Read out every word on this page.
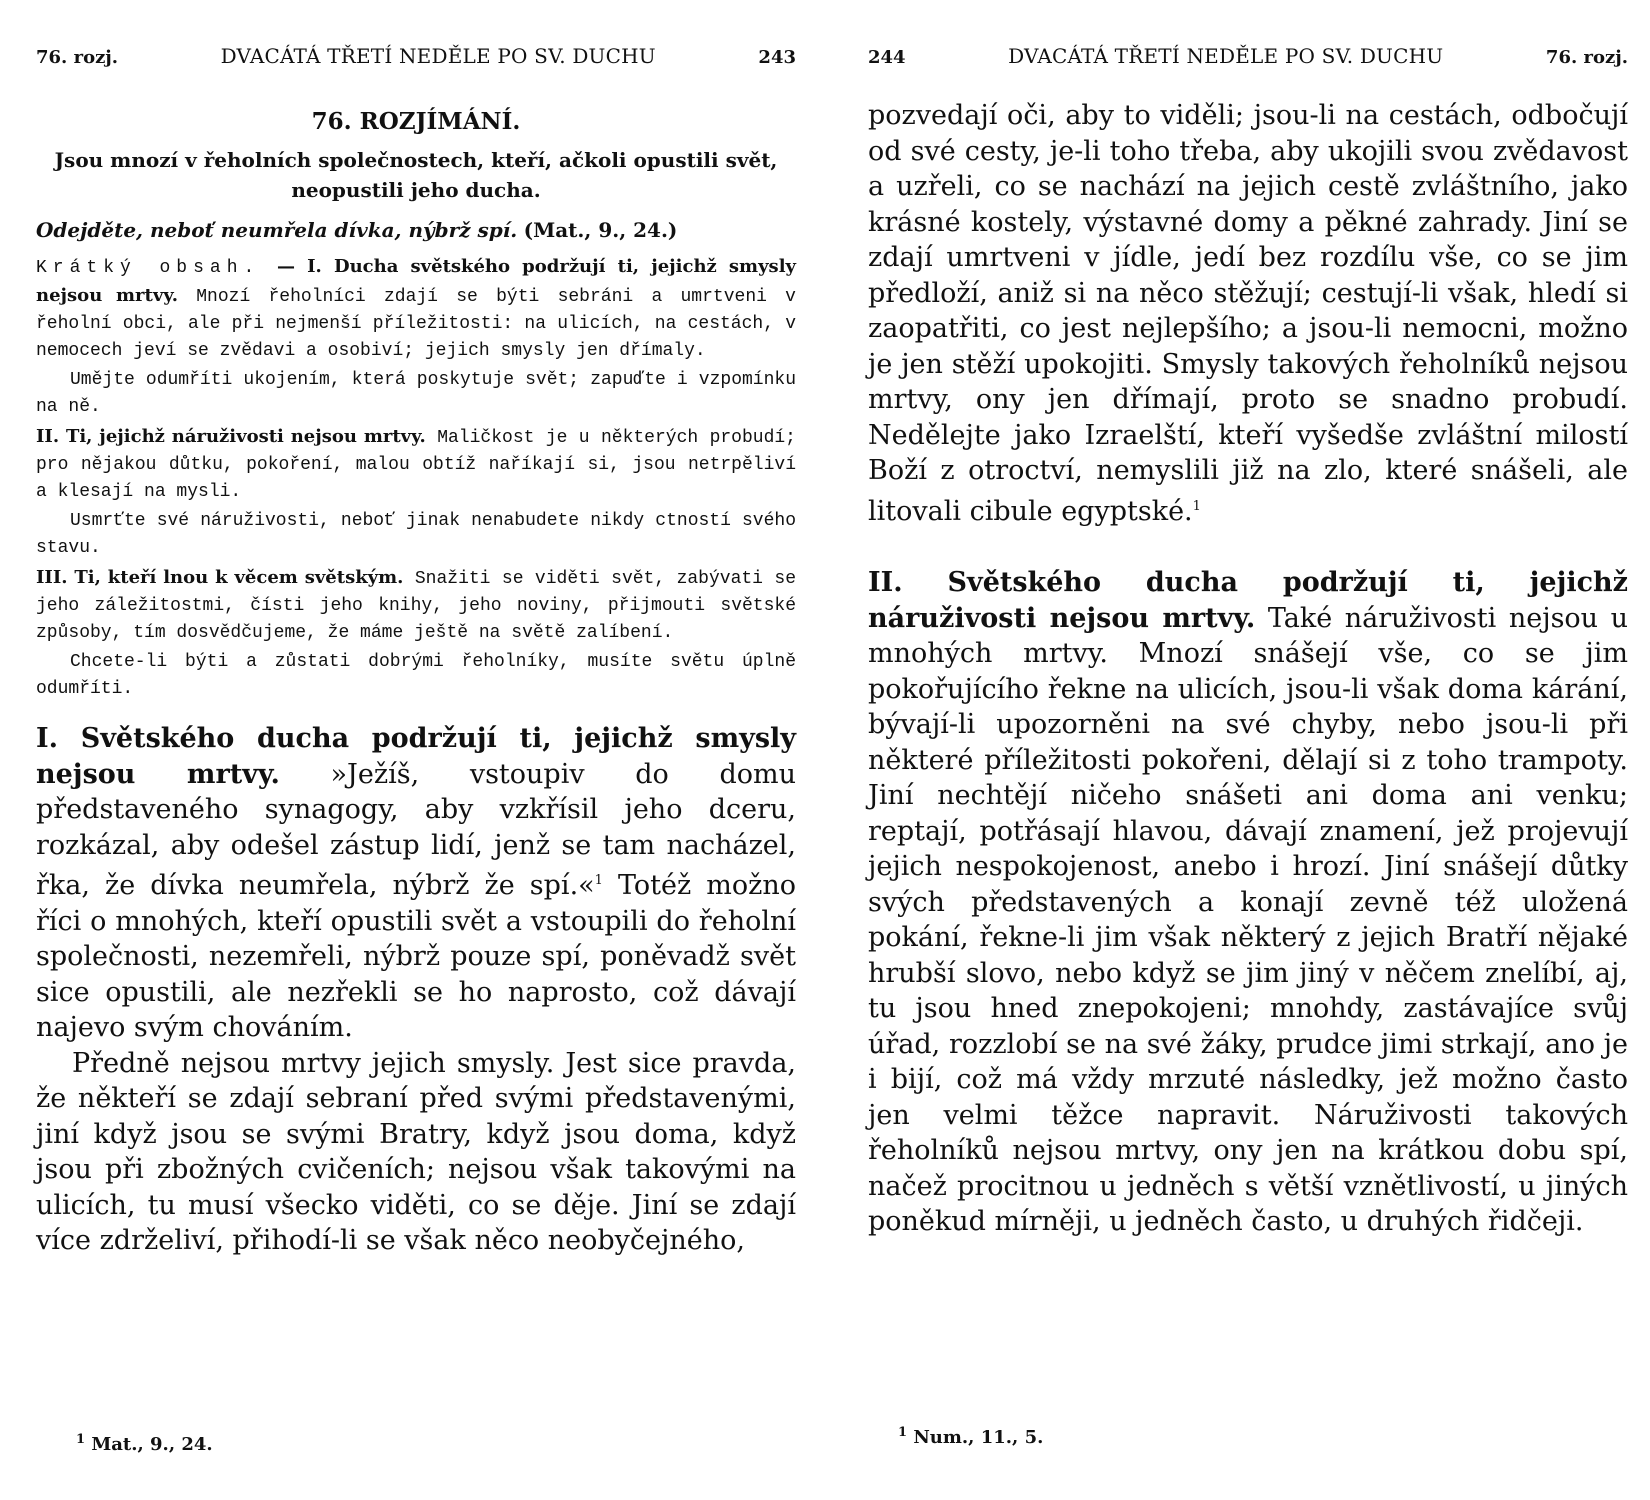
76. rozj.	DVACÁTÁ TŘETÍ NEDĚLE PO SV. DUCHU	243
76. ROZJÍMÁNÍ.
Jsou mnozí v řeholních společnostech, kteří, ačkoli opustili svět, neopustili jeho ducha.

Odejděte, neboť neumřela dívka, nýbrž spí. (Mat., 9., 24.)

Krátký obsah. — I. Ducha světského podržují ti, jejichž smysly nejsou mrtvy. Mnozí řeholníci zdají se býti sebráni a umrtveni v řeholní obci, ale při nejmenší příležitosti: na ulicích, na cestách, v nemocech jeví se zvědavi a osobiví; jejich smysly jen dřímaly.

Umějte odumříti ukojením, která poskytuje svět; zapuďte i vzpomínku na ně.

II. Ti, jejichž náruživosti nejsou mrtvy. Maličkost je u některých probudí; pro nějakou důtku, pokoření, malou obtíž naříkají si, jsou netrpěliví a klesají na mysli.

Usmrťte své náruživosti, neboť jinak nenabudete nikdy ctností svého stavu.

III. Ti, kteří lnou k věcem světským. Snažiti se viděti svět, zabývati se jeho záležitostmi, čísti jeho knihy, jeho noviny, přijmouti světské způsoby, tím dosvědčujeme, že máme ještě na světě zalíbení.

Chcete-li býti a zůstati dobrými řeholníky, musíte světu úplně odumříti.

I. Světského ducha podržují ti, jejichž smysly nejsou mrtvy. »Ježíš, vstoupiv do domu představeného synagogy, aby vzkřísil jeho dceru, rozkázal, aby odešel zástup lidí, jenž se tam nacházel, řka, že dívka neumřela, nýbrž že spí.«$^1$ Totéž možno říci o mnohých, kteří opustili svět a vstoupili do řeholní společnosti, nezemřeli, nýbrž pouze spí, poněvadž svět sice opustili, ale nezřekli se ho naprosto, což dávají najevo svým chováním.

Předně nejsou mrtvy jejich smysly. Jest sice pravda, že někteří se zdají sebraní před svými představenými, jiní když jsou se svými Bratry, když jsou doma, když jsou při zbožných cvičeních; nejsou však takovými na ulicích, tu musí všecko viděti, co se děje. Jiní se zdají více zdrželiví, přihodí-li se však něco neobyčejného,

$^1$ Mat., 9., 24.
244	DVACÁTÁ TŘETÍ NEDĚLE PO SV. DUCHU	76. rozj.

pozvedají oči, aby to viděli; jsou-li na cestách, odbočují od své cesty, je-li toho třeba, aby ukojili svou zvědavost a uzřeli, co se nachází na jejich cestě zvláštního, jako krásné kostely, výstavné domy a pěkné zahrady. Jiní se zdají umrtveni v jídle, jedí bez rozdílu vše, co se jim předloží, aniž si na něco stěžují; cestují-li však, hledí si zaopatřiti, co jest nejlepšího; a jsou-li nemocni, možno je jen stěží upokojiti. Smysly takových řeholníků nejsou mrtvy, ony jen dřímají, proto se snadno probudí. Nedělejte jako Izraelští, kteří vyšedše zvláštní milostí Boží z otroctví, nemyslili již na zlo, které snášeli, ale litovali cibule egyptské.$^1$

II. Světského ducha podržují ti, jejichž náruživosti nejsou mrtvy. Také náruživosti nejsou u mnohých mrtvy. Mnozí snášejí vše, co se jim pokořujícího řekne na ulicích, jsou-li však doma kárání, bývají-li upozorněni na své chyby, nebo jsou-li při některé příležitosti pokořeni, dělají si z toho trampoty. Jiní nechtějí ničeho snášeti ani doma ani venku; reptají, potřásají hlavou, dávají znamení, jež projevují jejich nespokojenost, anebo i hrozí. Jiní snášejí důtky svých představených a konají zevně též uložená pokání, řekne-li jim však některý z jejich Bratří nějaké hrubší slovo, nebo když se jim jiný v něčem znelíbí, aj, tu jsou hned znepokojeni; mnohdy, zastávajíce svůj úřad, rozzlobí se na své žáky, prudce jimi strkají, ano je i bijí, což má vždy mrzuté následky, jež možno často jen velmi těžce napravit. Náruživosti takových řeholníků nejsou mrtvy, ony jen na krátkou dobu spí, načež procitnou u jedněch s větší vznětlivostí, u jiných poněkud mírněji, u jedněch často, u druhých řidčeji.

$^1$ Num., 11., 5.
